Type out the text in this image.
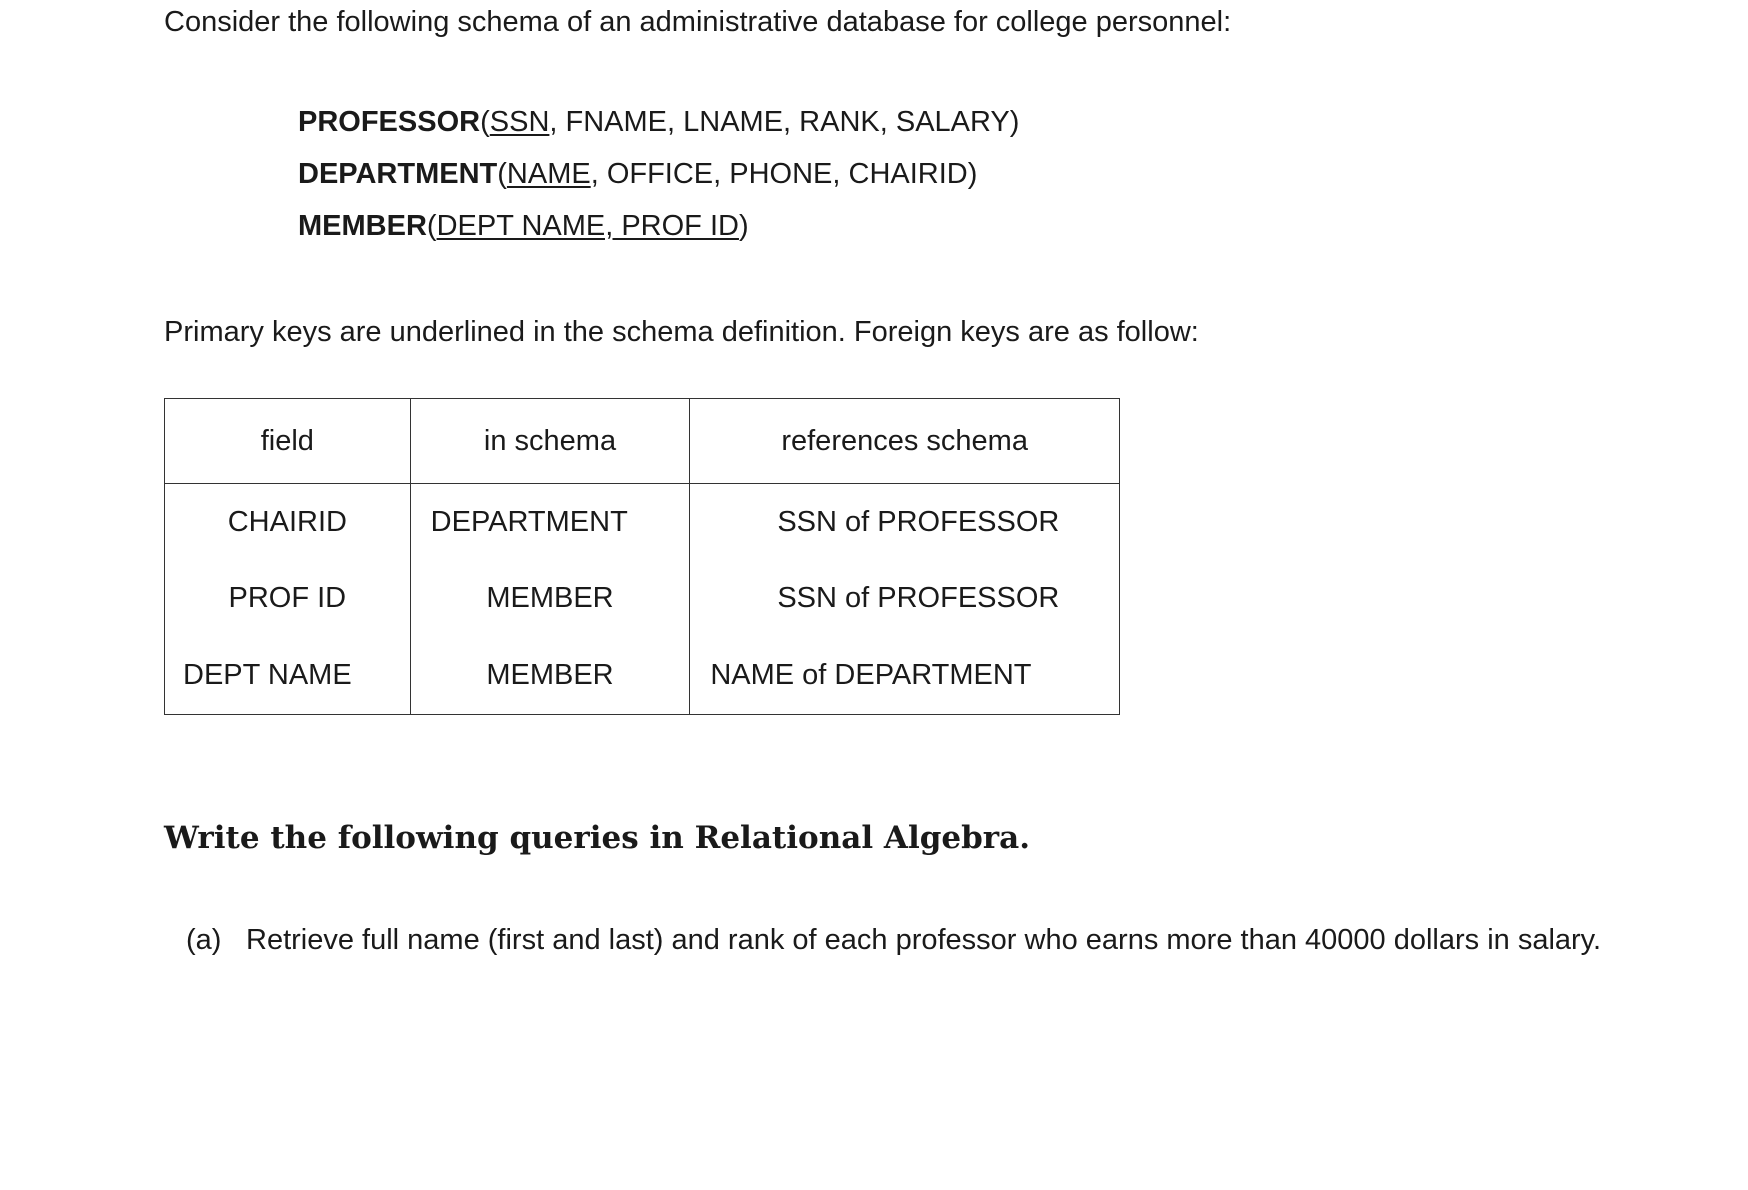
Consider the following schema of an administrative database for college personnel:
PROFESSOR(SSN, FNAME, LNAME, RANK, SALARY)
DEPARTMENT(NAME, OFFICE, PHONE, CHAIRID)
MEMBER(DEPT NAME, PROF ID)
Primary keys are underlined in the schema definition. Foreign keys are as follow:
field	in schema	references schema
CHAIRID	DEPARTMENT	SSN of PROFESSOR
PROF ID	MEMBER	SSN of PROFESSOR
DEPT NAME	MEMBER	NAME of DEPARTMENT
Write the following queries in Relational Algebra.
(a) Retrieve full name (first and last) and rank of each professor who earns more than 40000 dollars in salary.
